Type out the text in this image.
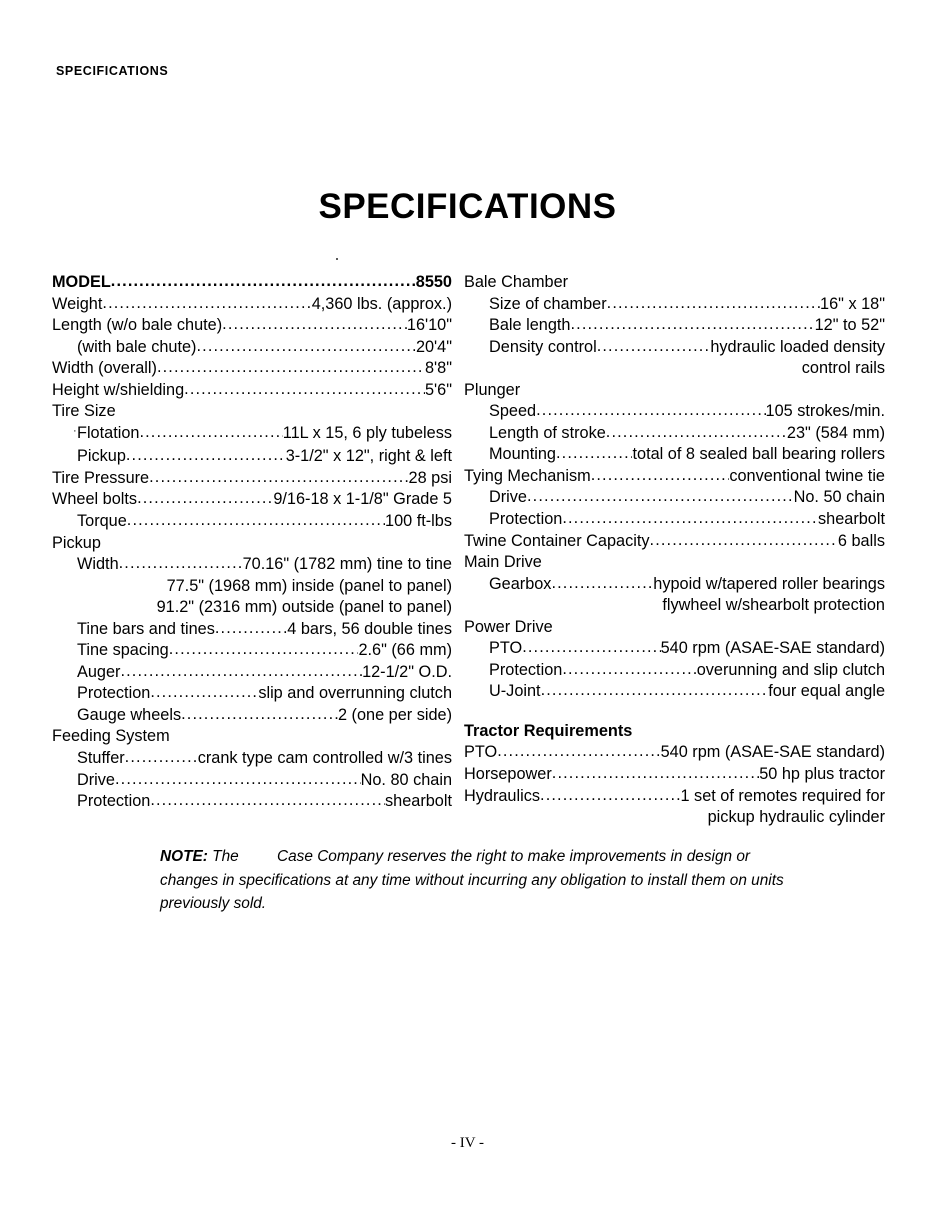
SPECIFICATIONS
SPECIFICATIONS
MODEL .....	8550
Weight .....	4,360 lbs. (approx.)
Length (w/o bale chute) .....	16'10"
(with bale chute) .....	20'4"
Width (overall) .....	8'8"
Height w/shielding .....	5'6"
Tire Size
·Flotation .....	11L x 15, 6 ply tubeless
Pickup .....	3-1/2" x 12", right & left
Tire Pressure .....	28 psi
Wheel bolts .....	9/16-18 x 1-1/8" Grade 5
Torque .....	100 ft-lbs
Pickup
Width .....	70.16" (1782 mm) tine to tine
77.5" (1968 mm) inside (panel to panel)
91.2" (2316 mm) outside (panel to panel)
Tine bars and tines .....	4 bars, 56 double tines
Tine spacing .....	2.6" (66 mm)
Auger .....	12-1/2" O.D.
Protection .....	slip and overrunning clutch
Gauge wheels .....	2 (one per side)
Feeding System
Stuffer .....	crank type cam controlled w/3 tines
Drive .....	No. 80 chain
Protection .....	shearbolt
Bale Chamber
Size of chamber .....	16" x 18"
Bale length .....	12" to 52"
Density control .....	hydraulic loaded density
control rails
Plunger
Speed .....	105 strokes/min.
Length of stroke .....	23" (584 mm)
Mounting .....	total of 8 sealed ball bearing rollers
Tying Mechanism .....	conventional twine tie
Drive .....	No. 50 chain
Protection .....	shearbolt
Twine Container Capacity .....	6 balls
Main Drive
Gearbox .....	hypoid w/tapered roller bearings
flywheel w/shearbolt protection
Power Drive
PTO .....	540 rpm (ASAE-SAE standard)
Protection .....	overunning and slip clutch
U-Joint .....	four equal angle
Tractor Requirements
PTO .....	540 rpm (ASAE-SAE standard)
Horsepower .....	50 hp plus tractor
Hydraulics .....	1 set of remotes required for
pickup hydraulic cylinder
NOTE: The Case Company reserves the right to make improvements in design or changes in specifications at any time without incurring any obligation to install them on units previously sold.
- IV -
